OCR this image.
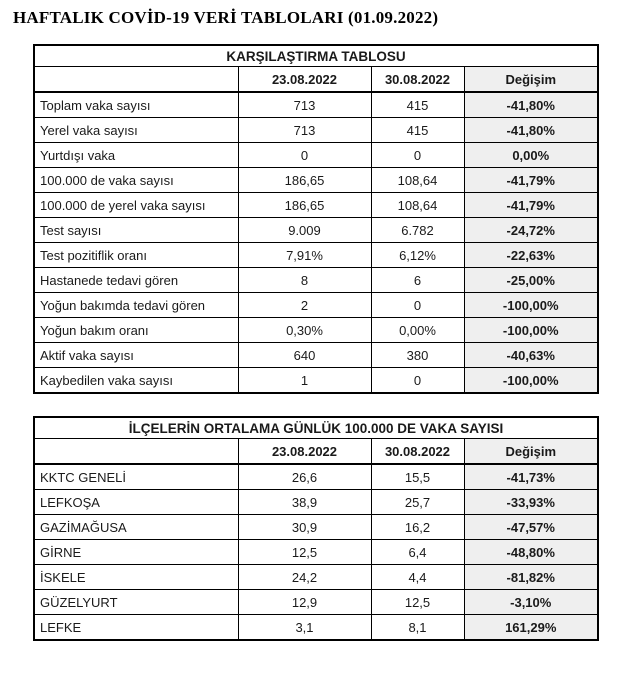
HAFTALIK COVİD-19 VERİ TABLOLARI (01.09.2022)
KARŞILAŞTIRMA TABLOSU			
	23.08.2022	30.08.2022	Değişim
Toplam vaka sayısı	713	415	-41,80%
Yerel vaka sayısı	713	415	-41,80%
Yurtdışı vaka	0	0	0,00%
100.000 de vaka sayısı	186,65	108,64	-41,79%
100.000 de yerel vaka sayısı	186,65	108,64	-41,79%
Test sayısı	9.009	6.782	-24,72%
Test pozitiflik oranı	7,91%	6,12%	-22,63%
Hastanede tedavi gören	8	6	-25,00%
Yoğun bakımda tedavi gören	2	0	-100,00%
Yoğun bakım oranı	0,30%	0,00%	-100,00%
Aktif vaka sayısı	640	380	-40,63%
Kaybedilen vaka sayısı	1	0	-100,00%
İLÇELERİN ORTALAMA GÜNLÜK 100.000 DE VAKA SAYISI			
	23.08.2022	30.08.2022	Değişim
KKTC GENELİ	26,6	15,5	-41,73%
LEFKOŞA	38,9	25,7	-33,93%
GAZİMAĞUSA	30,9	16,2	-47,57%
GİRNE	12,5	6,4	-48,80%
İSKELE	24,2	4,4	-81,82%
GÜZELYURT	12,9	12,5	-3,10%
LEFKE	3,1	8,1	161,29%
